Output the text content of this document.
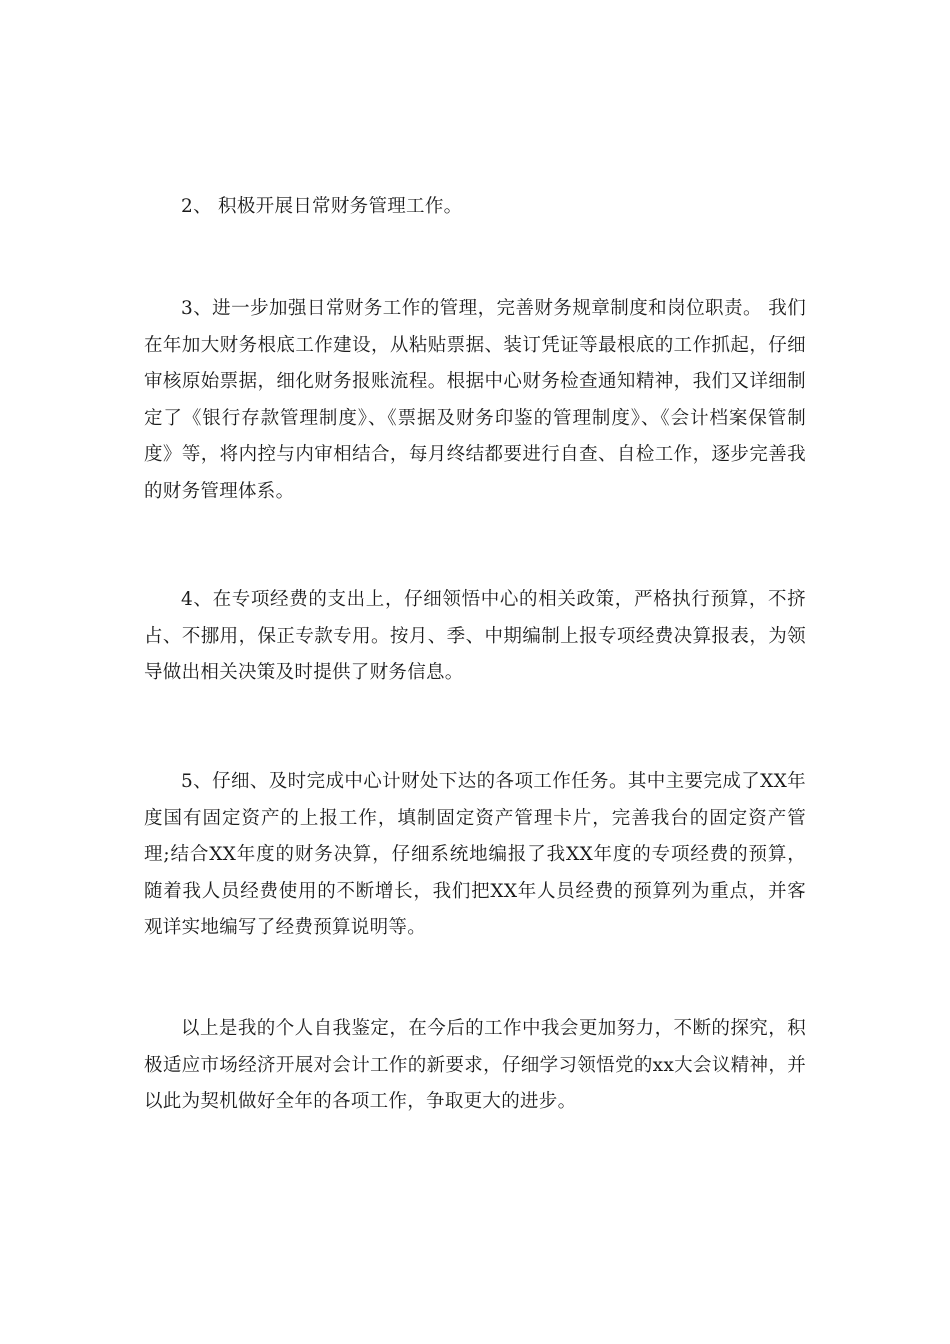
2、 积极开展日常财务管理工作。

3、进一步加强日常财务工作的管理，完善财务规章制度和岗位职责。 我们在年加大财务根底工作建设，从粘贴票据、装订凭证等最根底的工作抓起，仔细审核原始票据，细化财务报账流程。根据中心财务检查通知精神，我们又详细制定了《银行存款管理制度》、《票据及财务印鉴的管理制度》、《会计档案保管制度》等，将内控与内审相结合，每月终结都要进行自查、自检工作，逐步完善我的财务管理体系。

4、在专项经费的支出上，仔细领悟中心的相关政策，严格执行预算，不挤占、不挪用，保正专款专用。按月、季、中期编制上报专项经费决算报表，为领导做出相关决策及时提供了财务信息。

5、仔细、及时完成中心计财处下达的各项工作任务。其中主要完成了XX年度国有固定资产的上报工作，填制固定资产管理卡片，完善我台的固定资产管理;结合XX年度的财务决算，仔细系统地编报了我XX年度的专项经费的预算，随着我人员经费使用的不断增长，我们把XX年人员经费的预算列为重点，并客观详实地编写了经费预算说明等。

以上是我的个人自我鉴定，在今后的工作中我会更加努力，不断的探究，积极适应市场经济开展对会计工作的新要求，仔细学习领悟党的xx大会议精神，并以此为契机做好全年的各项工作，争取更大的进步。
